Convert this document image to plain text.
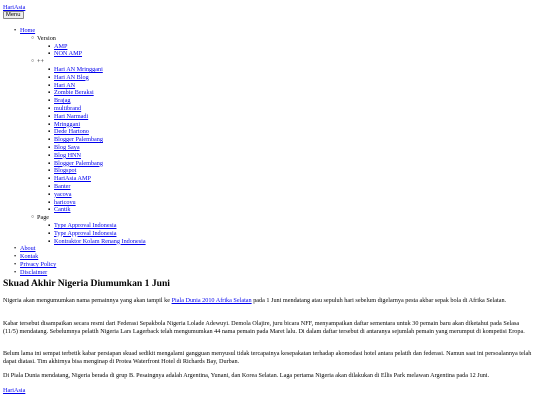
HariAsia
Menu
• Home
○ Version
▪ AMP
▪ NON AMP
○ ++
▪ Hari AN Mringgani
▪ Hari AN Blog
▪ Hari AN
▪ Zombie Beraksi
▪ Brajag
▪ multibrand
▪ Hari Narmadi
▪ Mringgani
▪ Dede Hartono
▪ Blogger Palembang
▪ Blog Saya
▪ Blog HNN
▪ Blogger Palembang
▪ Blogspot
▪ HariAsia AMP
▪ Banter
▪ yacova
▪ haricovu
▪ Cantik
○ Page
▪ Type Approval Indonesia
▪ Type Approval Indonesia
▪ Kontraktor Kolam Renang Indonesia
• About
• Kontak
• Privacy Policy
• Disclaimer
Skuad Akhir Nigeria Diumumkan 1 Juni

Nigeria akan mengumumkan nama pemainnya yang akan tampil ke Piala Dunia 2010 Afrika Selatan pada 1 Juni mendatang atau sepuluh hari sebelum digelarnya pesta akbar sepak bola di Afrika Selatan.

Kabar tersebut disampaikan secara resmi dari Federasi Sepakbola Nigeria Lolade Adewuyi. Demola Olajire, juru bicara NFF, menyampaikan daftar sementara untuk 30 pemain baru akan diketahui pada Selasa (11/5) mendatang. Sebelumnya pelatih Nigeria Lars Lagerback telah mengumumkan 44 nama pemain pada Maret lalu. Di dalam daftar tersebut di antaranya sejumlah pemain yang merumput di kompetisi Eropa.

Belum lama ini sempat terbetik kabar persiapan skuad sedikit mengalami gangguan menyusul tidak tercapainya kesepakatan terhadap akomodasi hotel antara pelatih dan federasi. Namun saat ini persoalannya telah dapat diatasi. Tim akhirnya bisa menginap di Protea Waterfront Hotel di Richards Bay, Durban.

Di Piala Dunia mendatang, Nigeria berada di grup B. Pesaingnya adalah Argentina, Yunani, dan Korea Selatan. Laga pertama Nigeria akan dilakukan di Ellis Park melawan Argentina pada 12 Juni.

HariAsia
